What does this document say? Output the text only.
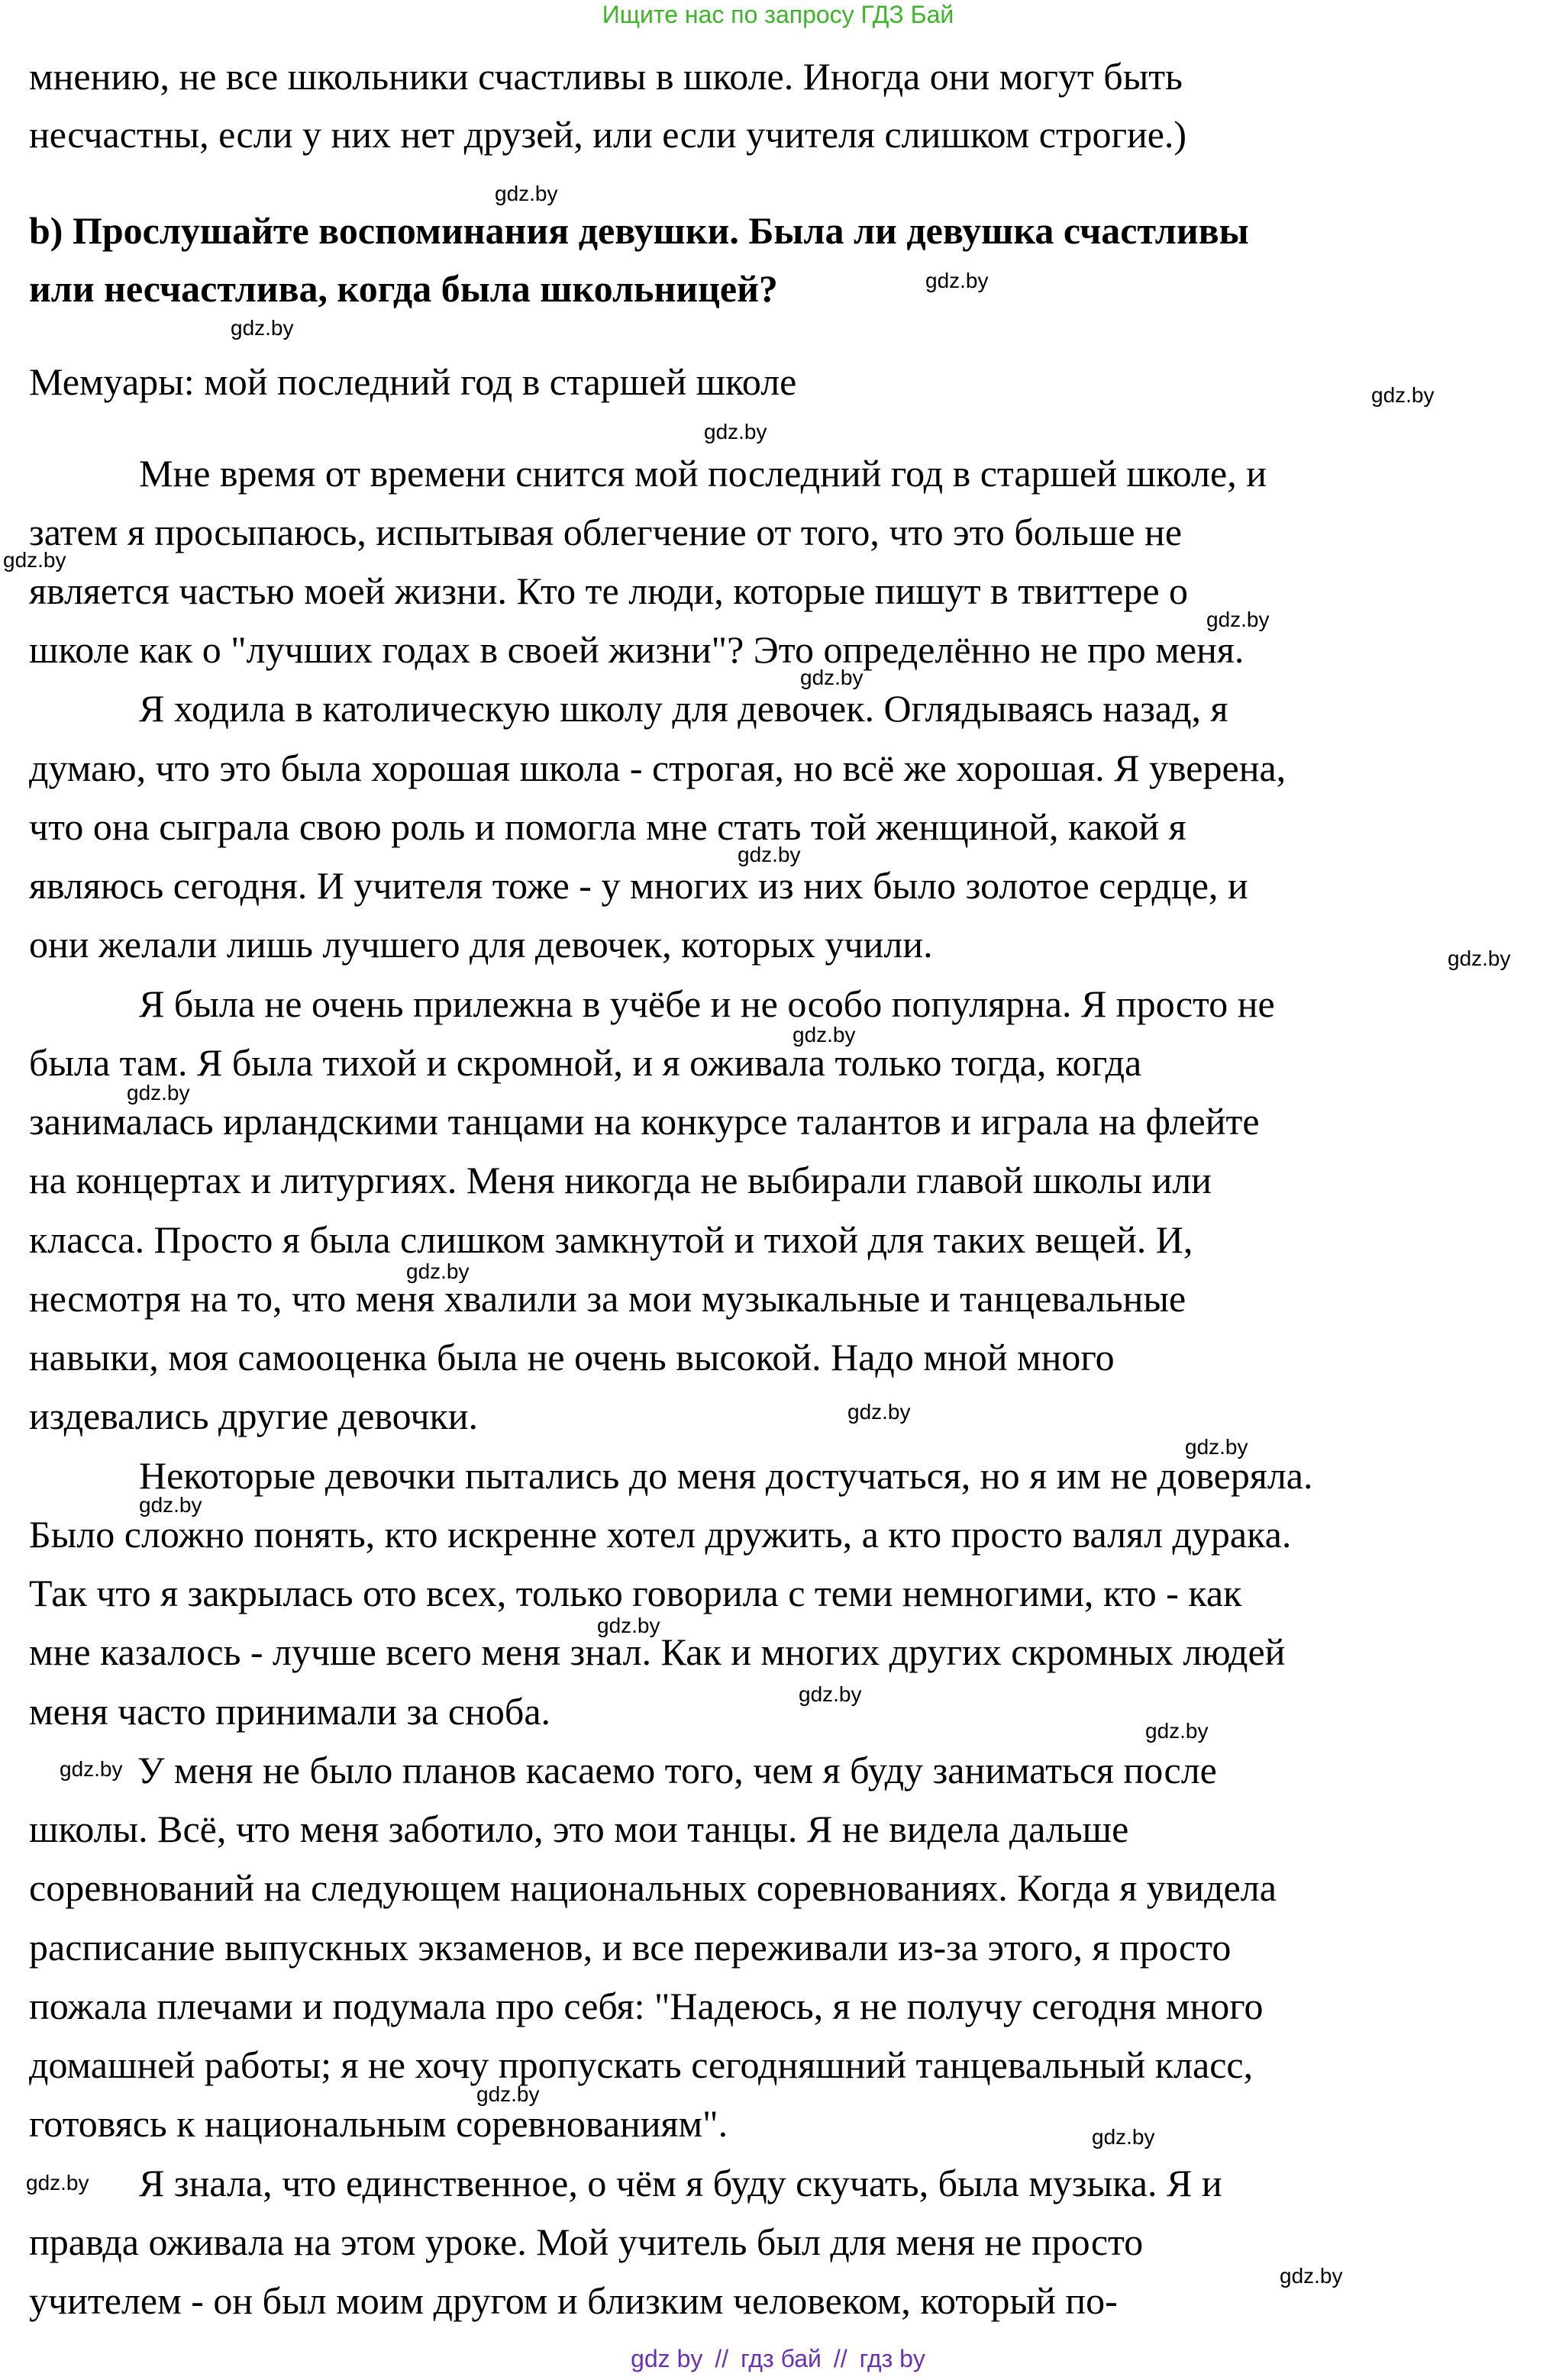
Ищите нас по запросу ГДЗ Бай
мнению, не все школьники счастливы в школе. Иногда они могут быть
несчастны, если у них нет друзей, или если учителя слишком строгие.)
b) Прослушайте воспоминания девушки. Была ли девушка счастливы
или несчастлива, когда была школьницей?
Мемуары: мой последний год в старшей школе
Мне время от времени снится мой последний год в старшей школе, и
затем я просыпаюсь, испытывая облегчение от того, что это больше не
является частью моей жизни. Кто те люди, которые пишут в твиттере о
школе как о "лучших годах в своей жизни"? Это определённо не про меня.
Я ходила в католическую школу для девочек. Оглядываясь назад, я
думаю, что это была хорошая школа - строгая, но всё же хорошая. Я уверена,
что она сыграла свою роль и помогла мне стать той женщиной, какой я
являюсь сегодня. И учителя тоже - у многих из них было золотое сердце, и
они желали лишь лучшего для девочек, которых учили.
Я была не очень прилежна в учёбе и не особо популярна. Я просто не
была там. Я была тихой и скромной, и я оживала только тогда, когда
занималась ирландскими танцами на конкурсе талантов и играла на флейте
на концертах и литургиях. Меня никогда не выбирали главой школы или
класса. Просто я была слишком замкнутой и тихой для таких вещей. И,
несмотря на то, что меня хвалили за мои музыкальные и танцевальные
навыки, моя самооценка была не очень высокой. Надо мной много
издевались другие девочки.
Некоторые девочки пытались до меня достучаться, но я им не доверяла.
Было сложно понять, кто искренне хотел дружить, а кто просто валял дурака.
Так что я закрылась ото всех, только говорила с теми немногими, кто - как
мне казалось - лучше всего меня знал. Как и многих других скромных людей
меня часто принимали за сноба.
У меня не было планов касаемо того, чем я буду заниматься после
школы. Всё, что меня заботило, это мои танцы. Я не видела дальше
соревнований на следующем национальных соревнованиях. Когда я увидела
расписание выпускных экзаменов, и все переживали из-за этого, я просто
пожала плечами и подумала про себя: "Надеюсь, я не получу сегодня много
домашней работы; я не хочу пропускать сегодняшний танцевальный класс,
готовясь к национальным соревнованиям".
Я знала, что единственное, о чём я буду скучать, была музыка. Я и
правда оживала на этом уроке. Мой учитель был для меня не просто
учителем - он был моим другом и близким человеком, который по-
gdz.by
gdz.by
gdz.by
gdz.by
gdz.by
gdz.by
gdz.by
gdz.by
gdz.by
gdz.by
gdz.by
gdz.by
gdz.by
gdz.by
gdz.by
gdz.by
gdz.by
gdz.by
gdz.by
gdz.by
gdz.by
gdz.by
gdz.by
gdz.by
gdz by // гдз бай // гдз by
